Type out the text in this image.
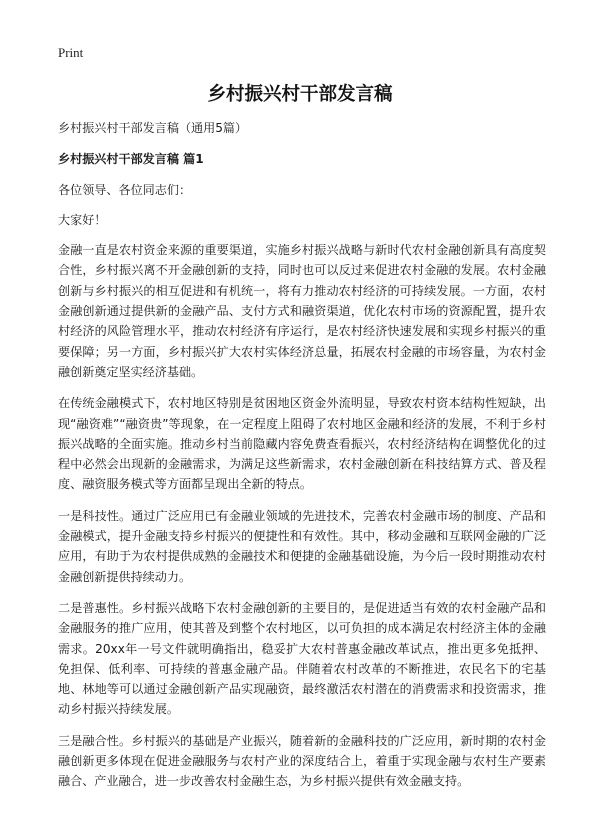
Print
乡村振兴村干部发言稿

乡村振兴村干部发言稿（通用5篇）

乡村振兴村干部发言稿 篇1

各位领导、各位同志们：

大家好！

金融一直是农村资金来源的重要渠道，实施乡村振兴战略与新时代农村金融创新具有高度契合性，乡村振兴离不开金融创新的支持，同时也可以反过来促进农村金融的发展。农村金融创新与乡村振兴的相互促进和有机统一，将有力推动农村经济的可持续发展。一方面，农村金融创新通过提供新的金融产品、支付方式和融资渠道，优化农村市场的资源配置，提升农村经济的风险管理水平，推动农村经济有序运行，是农村经济快速发展和实现乡村振兴的重要保障；另一方面，乡村振兴扩大农村实体经济总量，拓展农村金融的市场容量，为农村金融创新奠定坚实经济基础。

在传统金融模式下，农村地区特别是贫困地区资金外流明显，导致农村资本结构性短缺，出现“融资难”“融资贵”等现象，在一定程度上阻碍了农村地区金融和经济的发展，不利于乡村振兴战略的全面实施。推动乡村当前隐藏内容免费查看振兴，农村经济结构在调整优化的过程中必然会出现新的金融需求，为满足这些新需求，农村金融创新在科技结算方式、普及程度、融资服务模式等方面都呈现出全新的特点。

一是科技性。通过广泛应用已有金融业领域的先进技术，完善农村金融市场的制度、产品和金融模式，提升金融支持乡村振兴的便捷性和有效性。其中，移动金融和互联网金融的广泛应用，有助于为农村提供成熟的金融技术和便捷的金融基础设施，为今后一段时期推动农村金融创新提供持续动力。

二是普惠性。乡村振兴战略下农村金融创新的主要目的，是促进适当有效的农村金融产品和金融服务的推广应用，使其普及到整个农村地区，以可负担的成本满足农村经济主体的金融需求。20xx年一号文件就明确指出，稳妥扩大农村普惠金融改革试点，推出更多免抵押、免担保、低利率、可持续的普惠金融产品。伴随着农村改革的不断推进，农民名下的宅基地、林地等可以通过金融创新产品实现融资，最终激活农村潜在的消费需求和投资需求，推动乡村振兴持续发展。

三是融合性。乡村振兴的基础是产业振兴，随着新的金融科技的广泛应用，新时期的农村金融创新更多体现在促进金融服务与农村产业的深度结合上，着重于实现金融与农村生产要素融合、产业融合，进一步改善农村金融生态，为乡村振兴提供有效金融支持。
